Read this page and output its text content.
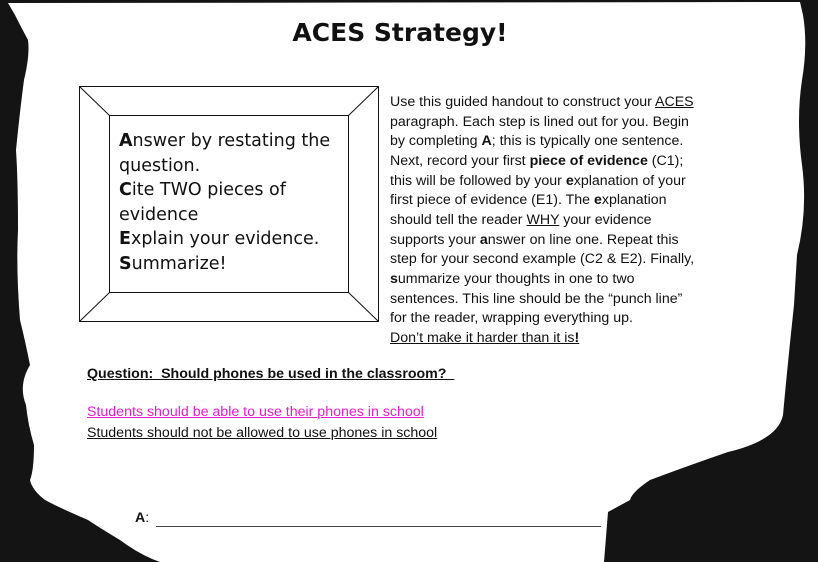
ACES Strategy!
Answer by restating the
question.
Cite TWO pieces of
evidence
Explain your evidence.
Summarize!
Use this guided handout to construct your ACES
paragraph. Each step is lined out for you. Begin
by completing A; this is typically one sentence.
Next, record your first piece of evidence (C1);
this will be followed by your explanation of your
first piece of evidence (E1). The explanation
should tell the reader WHY your evidence
supports your answer on line one. Repeat this
step for your second example (C2 & E2). Finally,
summarize your thoughts in one to two
sentences. This line should be the “punch line”
for the reader, wrapping everything up.
Don’t make it harder than it is!
Question:  Should phones be used in the classroom?
Students should be able to use their phones in school
Students should not be allowed to use phones in school
A:
